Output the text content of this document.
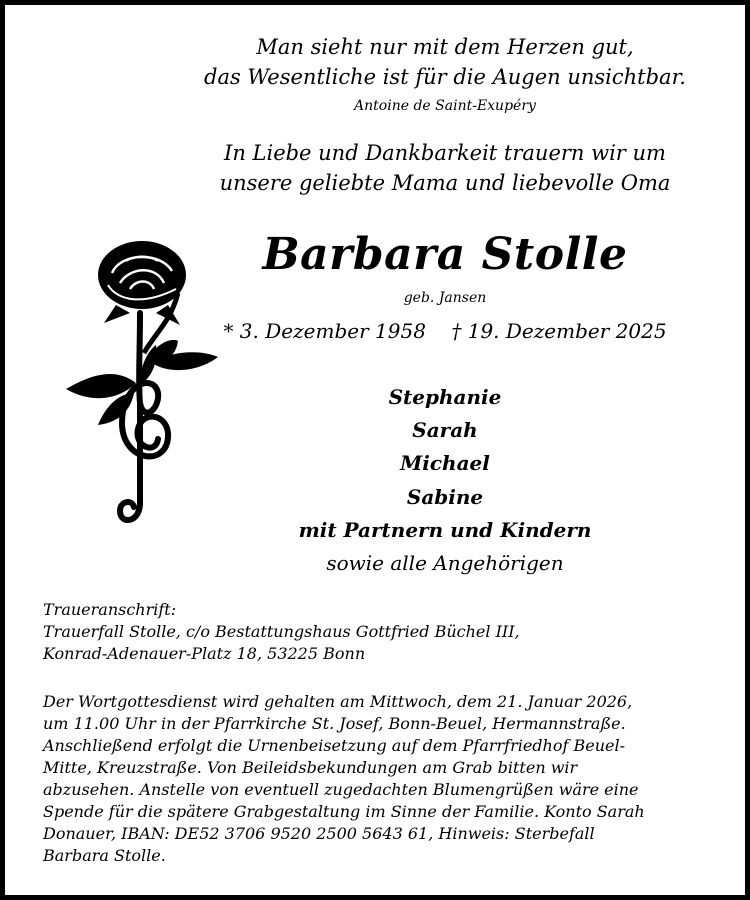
Man sieht nur mit dem Herzen gut,
das Wesentliche ist für die Augen unsichtbar.
Antoine de Saint-Exupéry
In Liebe und Dankbarkeit trauern wir um
unsere geliebte Mama und liebevolle Oma
Barbara Stolle
geb. Jansen
* 3. Dezember 1958 † 19. Dezember 2025
Stephanie
Sarah
Michael
Sabine
mit Partnern und Kindern
sowie alle Angehörigen
Traueranschrift:
Trauerfall Stolle, c/o Bestattungshaus Gottfried Büchel III,
Konrad-Adenauer-Platz 18, 53225 Bonn
Der Wortgottesdienst wird gehalten am Mittwoch, dem 21. Januar 2026,
um 11.00 Uhr in der Pfarrkirche St. Josef, Bonn-Beuel, Hermannstraße.
Anschließend erfolgt die Urnenbeisetzung auf dem Pfarrfriedhof Beuel-
Mitte, Kreuzstraße. Von Beileidsbekundungen am Grab bitten wir
abzusehen. Anstelle von eventuell zugedachten Blumengrüßen wäre eine
Spende für die spätere Grabgestaltung im Sinne der Familie. Konto Sarah
Donauer, IBAN: DE52 3706 9520 2500 5643 61, Hinweis: Sterbefall
Barbara Stolle.
